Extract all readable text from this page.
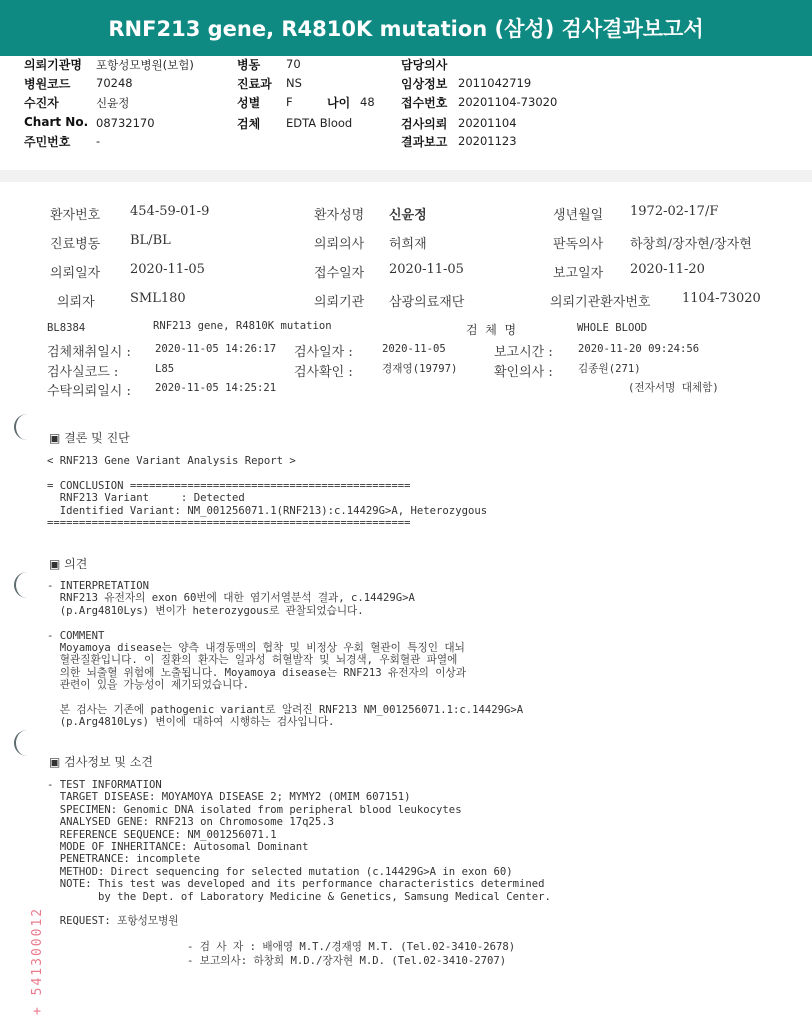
RNF213 gene, R4810K mutation (삼성) 검사결과보고서
의뢰기관명 포항성모병원(보험)	병동 70	담당의사
병원코드 70248	진료과 NS	임상정보 2011042719
수진자	신윤정	성별 F	나이 48 접수번호 20201104-73020
Chart No. 08732170	검체 EDTA Blood	검사의뢰 20201104
주민번호 -	결과보고 20201123
환자번호 454-59-01-9	환자성명 신윤정	생년월일 1972-02-17/F
진료병동 BL/BL	의뢰의사 허희재	판독의사 하창희/장자현/장자현
의뢰일자 2020-11-05	접수일자 2020-11-05	보고일자 2020-11-20
의뢰자	SML180	의뢰기관 삼광의료재단	의뢰기관환자번호 1104-73020
BL8384	RNF213 gene, R4810K mutation	검  체  명	WHOLE BLOOD
검체채취일시 : 2020-11-05 14:26:17 검사일자 :	2020-11-05	보고시간 : 2020-11-20 09:24:56
검사실코드 :	L85	검사확인 :	경재영(19797)	확인의사 : 김종원(271)
수탁의뢰일시 : 2020-11-05 14:25:21	(전자서명 대체함)
▣ 결론 및 진단
< RNF213 Gene Variant Analysis Report >

= CONCLUSION ============================================
RNF213 Variant     : Detected
Identified Variant: NM_001256071.1(RNF213):c.14429G>A, Heterozygous
=========================================================
▣ 의견
- INTERPRETATION
RNF213 유전자의 exon 60번에 대한 염기서열분석 결과, c.14429G>A
(p.Arg4810Lys) 변이가 heterozygous로 관찰되었습니다.

- COMMENT
Moyamoya disease는 양측 내경동맥의 협착 및 비정상 우회 혈관이 특징인 대뇌
혈관질환입니다. 이 질환의 환자는 일과성 허혈발작 및 뇌경색, 우회혈관 파열에
의한 뇌출혈 위험에 노출됩니다. Moyamoya disease는 RNF213 유전자의 이상과
관련이 있을 가능성이 제기되었습니다.

본 검사는 기존에 pathogenic variant로 알려진 RNF213 NM_001256071.1:c.14429G>A
(p.Arg4810Lys) 변이에 대하여 시행하는 검사입니다.
▣ 검사정보 및 소견
- TEST INFORMATION
TARGET DISEASE: MOYAMOYA DISEASE 2; MYMY2 (OMIM 607151)
SPECIMEN: Genomic DNA isolated from peripheral blood leukocytes
ANALYSED GENE: RNF213 on Chromosome 17q25.3
REFERENCE SEQUENCE: NM_001256071.1
MODE OF INHERITANCE: Autosomal Dominant
PENETRANCE: incomplete
METHOD: Direct sequencing for selected mutation (c.14429G>A in exon 60)
NOTE: This test was developed and its performance characteristics determined
by the Dept. of Laboratory Medicine & Genetics, Samsung Medical Center.

REQUEST: 포항성모병원
- 검 사 자 : 배애영 M.T./경재영 M.T. (Tel.02-3410-2678)
- 보고의사: 하창희 M.D./장자현 M.D. (Tel.02-3410-2707)
+ 541300012
